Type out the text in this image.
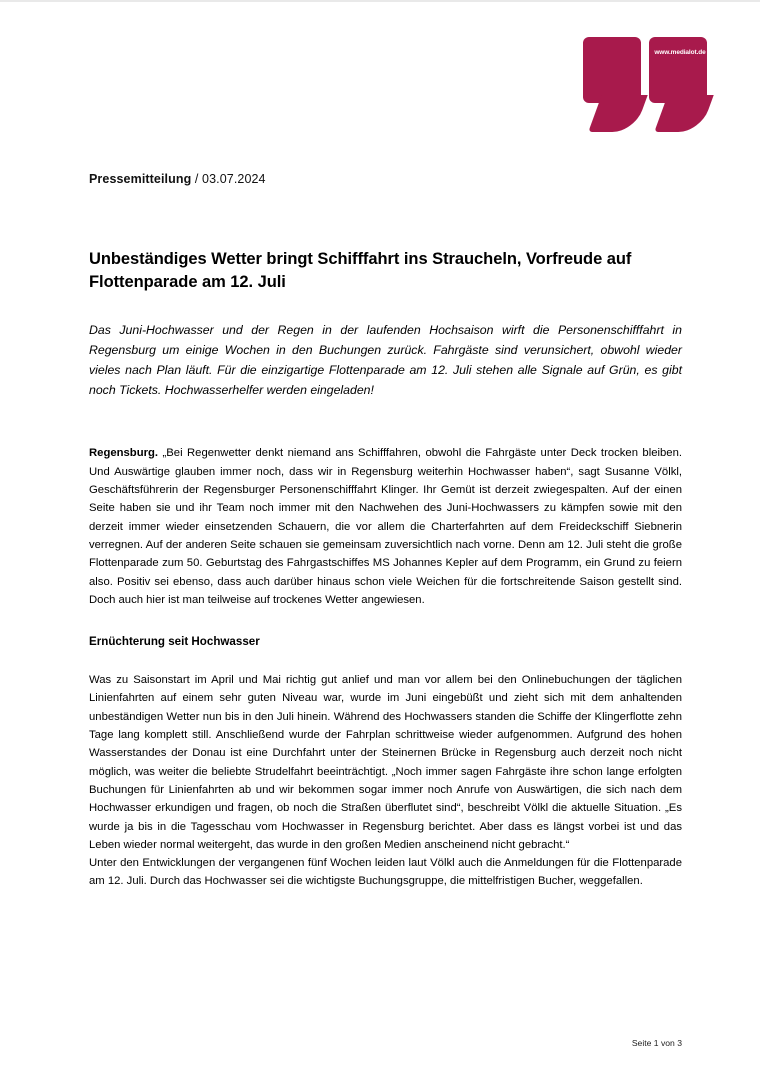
www.medialot.de

Pressemitteilung / 03.07.2024

Unbeständiges Wetter bringt Schifffahrt ins Straucheln, Vorfreude auf Flottenparade am 12. Juli

Das Juni-Hochwasser und der Regen in der laufenden Hochsaison wirft die Personenschifffahrt in Regensburg um einige Wochen in den Buchungen zurück. Fahrgäste sind verunsichert, obwohl wieder vieles nach Plan läuft. Für die einzigartige Flottenparade am 12. Juli stehen alle Signale auf Grün, es gibt noch Tickets. Hochwasserhelfer werden eingeladen!

Regensburg. „Bei Regenwetter denkt niemand ans Schifffahren, obwohl die Fahrgäste unter Deck trocken bleiben. Und Auswärtige glauben immer noch, dass wir in Regensburg weiterhin Hochwasser haben“, sagt Susanne Völkl, Geschäftsführerin der Regensburger Personenschifffahrt Klinger. Ihr Gemüt ist derzeit zwiegespalten. Auf der einen Seite haben sie und ihr Team noch immer mit den Nachwehen des Juni-Hochwassers zu kämpfen sowie mit den derzeit immer wieder einsetzenden Schauern, die vor allem die Charterfahrten auf dem Freideckschiff Siebnerin verregnen. Auf der anderen Seite schauen sie gemeinsam zuversichtlich nach vorne. Denn am 12. Juli steht die große Flottenparade zum 50. Geburtstag des Fahrgastschiffes MS Johannes Kepler auf dem Programm, ein Grund zu feiern also. Positiv sei ebenso, dass auch darüber hinaus schon viele Weichen für die fortschreitende Saison gestellt sind. Doch auch hier ist man teilweise auf trockenes Wetter angewiesen.

Ernüchterung seit Hochwasser

Was zu Saisonstart im April und Mai richtig gut anlief und man vor allem bei den Onlinebuchungen der täglichen Linienfahrten auf einem sehr guten Niveau war, wurde im Juni eingebüßt und zieht sich mit dem anhaltenden unbeständigen Wetter nun bis in den Juli hinein. Während des Hochwassers standen die Schiffe der Klingerflotte zehn Tage lang komplett still. Anschließend wurde der Fahrplan schrittweise wieder aufgenommen. Aufgrund des hohen Wasserstandes der Donau ist eine Durchfahrt unter der Steinernen Brücke in Regensburg auch derzeit noch nicht möglich, was weiter die beliebte Strudelfahrt beeinträchtigt. „Noch immer sagen Fahrgäste ihre schon lange erfolgten Buchungen für Linienfahrten ab und wir bekommen sogar immer noch Anrufe von Auswärtigen, die sich nach dem Hochwasser erkundigen und fragen, ob noch die Straßen überflutet sind“, beschreibt Völkl die aktuelle Situation. „Es wurde ja bis in die Tagesschau vom Hochwasser in Regensburg berichtet. Aber dass es längst vorbei ist und das Leben wieder normal weitergeht, das wurde in den großen Medien anscheinend nicht gebracht.“

Unter den Entwicklungen der vergangenen fünf Wochen leiden laut Völkl auch die Anmeldungen für die Flottenparade am 12. Juli. Durch das Hochwasser sei die wichtigste Buchungsgruppe, die mittelfristigen Bucher, weggefallen.

Seite 1 von 3
